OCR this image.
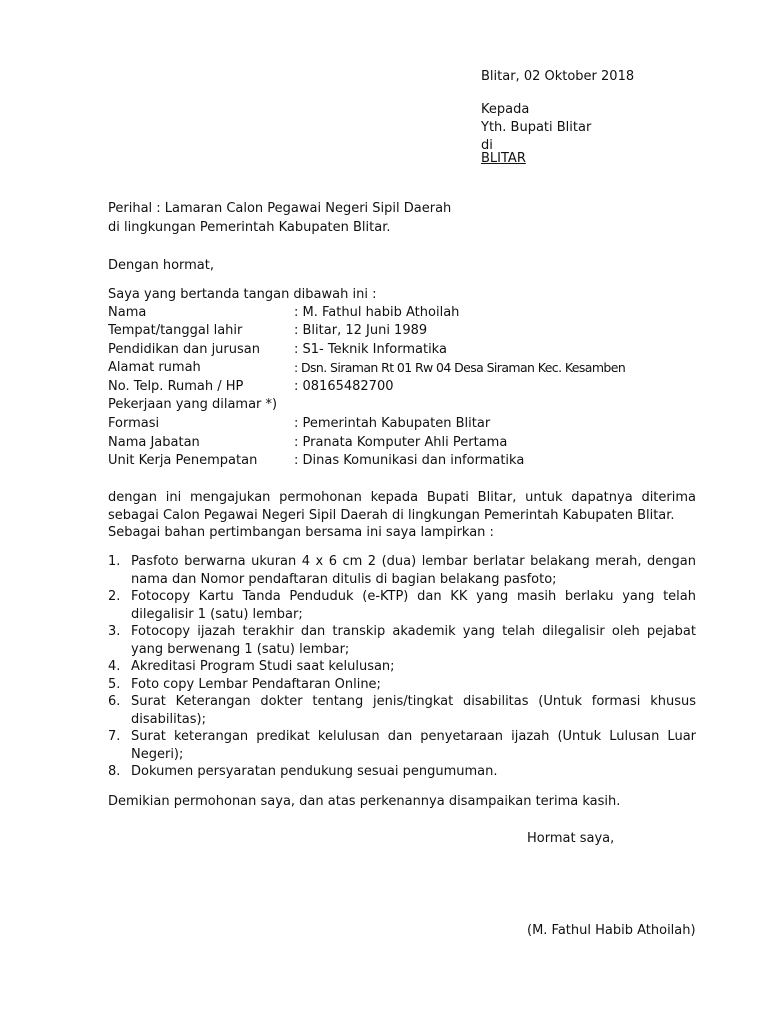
Blitar, 02 Oktober 2018
Kepada
Yth. Bupati Blitar
di
BLITAR
Perihal : Lamaran Calon Pegawai Negeri Sipil Daerah
di lingkungan Pemerintah Kabupaten Blitar.
Dengan hormat,
Saya yang bertanda tangan dibawah ini :
Nama	: M. Fathul habib Athoilah
Tempat/tanggal lahir	: Blitar, 12 Juni 1989
Pendidikan dan jurusan	: S1- Teknik Informatika
Alamat rumah	: Dsn. Siraman Rt 01 Rw 04 Desa Siraman Kec. Kesamben
No. Telp. Rumah / HP	: 08165482700
Pekerjaan yang dilamar *)
Formasi	: Pemerintah Kabupaten Blitar
Nama Jabatan	: Pranata Komputer Ahli Pertama
Unit Kerja Penempatan	: Dinas Komunikasi dan informatika
dengan ini mengajukan permohonan kepada Bupati Blitar, untuk dapatnya diterima sebagai Calon Pegawai Negeri Sipil Daerah di lingkungan Pemerintah Kabupaten Blitar.
Sebagai bahan pertimbangan bersama ini saya lampirkan :
1. Pasfoto berwarna ukuran 4 x 6 cm 2 (dua) lembar berlatar belakang merah, dengan nama dan Nomor pendaftaran ditulis di bagian belakang pasfoto;
2. Fotocopy Kartu Tanda Penduduk (e-KTP) dan KK yang masih berlaku yang telah dilegalisir 1 (satu) lembar;
3. Fotocopy ijazah terakhir dan transkip akademik yang telah dilegalisir oleh pejabat yang berwenang 1 (satu) lembar;
4. Akreditasi Program Studi saat kelulusan;
5. Foto copy Lembar Pendaftaran Online;
6. Surat Keterangan dokter tentang jenis/tingkat disabilitas (Untuk formasi khusus disabilitas);
7. Surat keterangan predikat kelulusan dan penyetaraan ijazah (Untuk Lulusan Luar Negeri);
8. Dokumen persyaratan pendukung sesuai pengumuman.
Demikian permohonan saya, dan atas perkenannya disampaikan terima kasih.
Hormat saya,
(M. Fathul Habib Athoilah)
